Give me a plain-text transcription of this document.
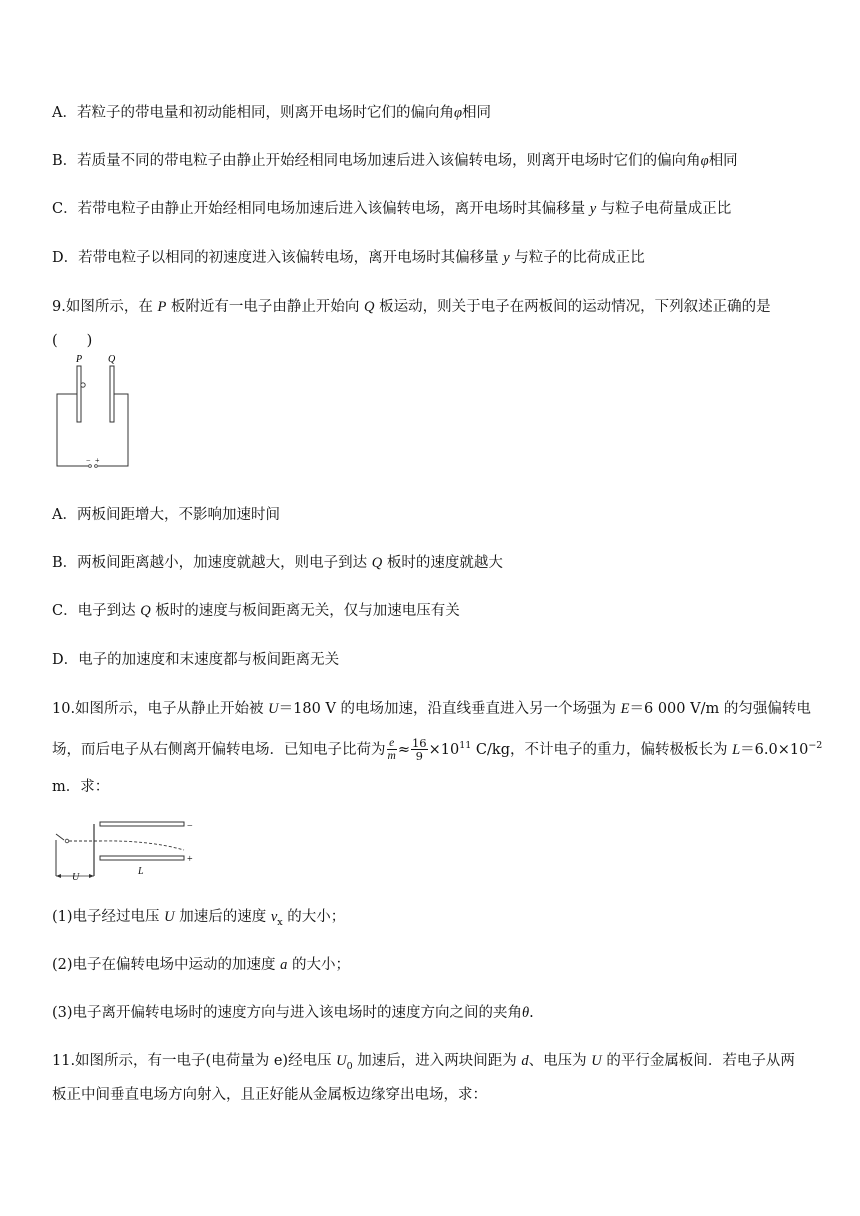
A．若粒子的带电量和初动能相同，则离开电场时它们的偏向角φ相同
B．若质量不同的带电粒子由静止开始经相同电场加速后进入该偏转电场，则离开电场时它们的偏向角φ相同
C．若带电粒子由静止开始经相同电场加速后进入该偏转电场，离开电场时其偏移量 y 与粒子电荷量成正比
D．若带电粒子以相同的初速度进入该偏转电场，离开电场时其偏移量 y 与粒子的比荷成正比
9.如图所示，在 P 板附近有一电子由静止开始向 Q 板运动，则关于电子在两板间的运动情况，下列叙述正确的是
(　　)
P	Q
− +
A．两板间距增大，不影响加速时间
B．两板间距离越小，加速度就越大，则电子到达 Q 板时的速度就越大
C．电子到达 Q 板时的速度与板间距离无关，仅与加速电压有关
D．电子的加速度和末速度都与板间距离无关
10.如图所示，电子从静止开始被 U＝180 V 的电场加速，沿直线垂直进入另一个场强为 E＝6 000 V/m 的匀强偏转电
场，而后电子从右侧离开偏转电场．已知电子比荷为 $\frac{e}{m} \approx \frac{16}{9} \times 10^{11}$ C/kg，不计电子的重力，偏转极板长为 $L=6.0\times 10^{-2}$
m．求：
−
+
U
L
(1)电子经过电压 U 加速后的速度 $v_x$ 的大小；
(2)电子在偏转电场中运动的加速度 a 的大小；
(3)电子离开偏转电场时的速度方向与进入该电场时的速度方向之间的夹角θ.
11.如图所示，有一电子(电荷量为 e)经电压 $U_0$ 加速后，进入两块间距为 d、电压为 U 的平行金属板间．若电子从两
板正中间垂直电场方向射入，且正好能从金属板边缘穿出电场，求：
